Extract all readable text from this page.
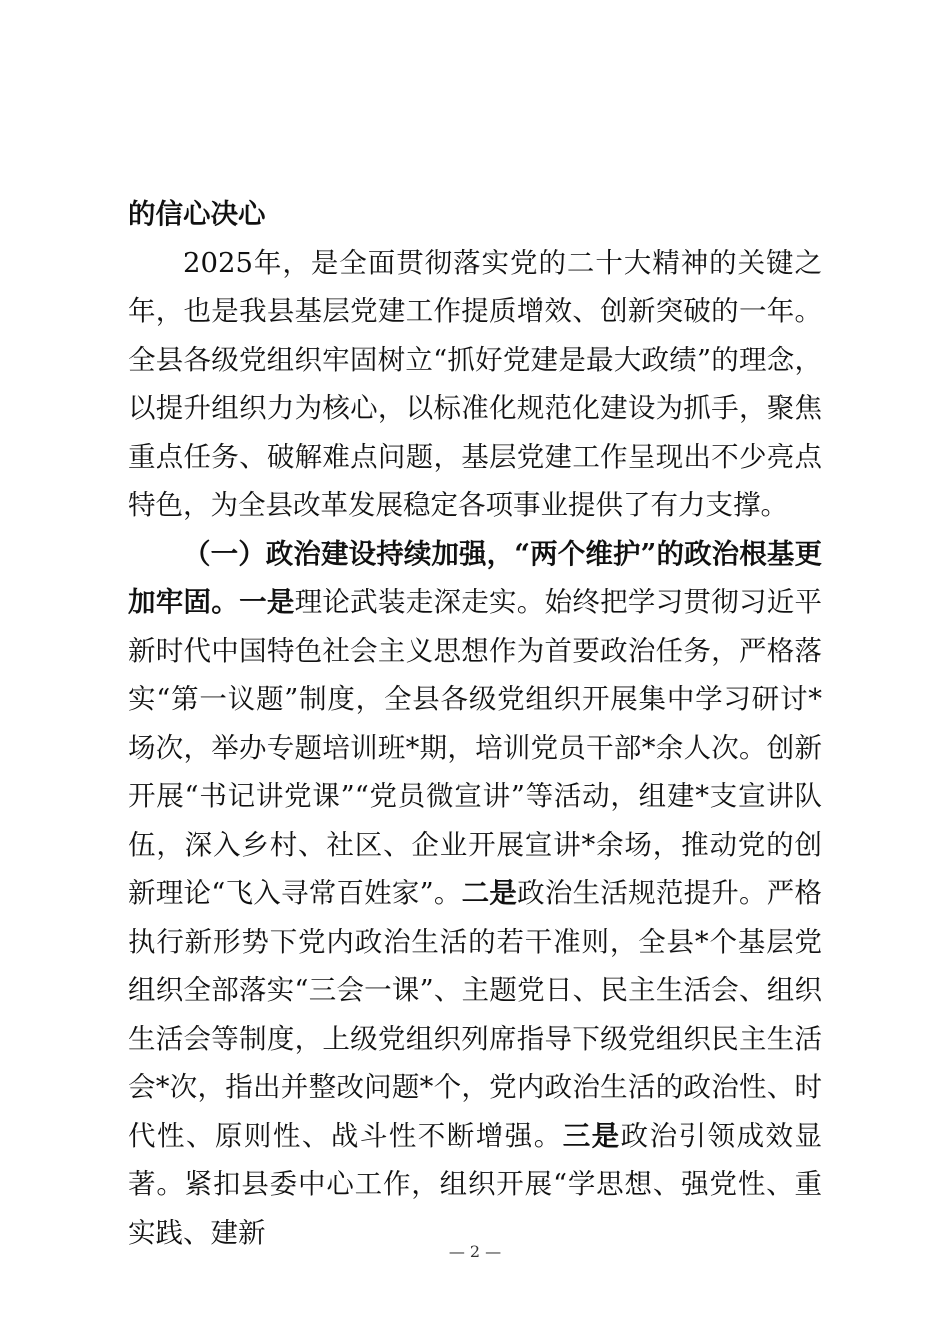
的信心决心

2025年，是全面贯彻落实党的二十大精神的关键之年，也是我县基层党建工作提质增效、创新突破的一年。全县各级党组织牢固树立“抓好党建是最大政绩”的理念，以提升组织力为核心，以标准化规范化建设为抓手，聚焦重点任务、破解难点问题，基层党建工作呈现出不少亮点特色，为全县改革发展稳定各项事业提供了有力支撑。

（一）政治建设持续加强，“两个维护”的政治根基更加牢固。一是理论武装走深走实。始终把学习贯彻习近平新时代中国特色社会主义思想作为首要政治任务，严格落实“第一议题”制度，全县各级党组织开展集中学习研讨*场次，举办专题培训班*期，培训党员干部*余人次。创新开展“书记讲党课”“党员微宣讲”等活动，组建*支宣讲队伍，深入乡村、社区、企业开展宣讲*余场，推动党的创新理论“飞入寻常百姓家”。二是政治生活规范提升。严格执行新形势下党内政治生活的若干准则，全县*个基层党组织全部落实“三会一课”、主题党日、民主生活会、组织生活会等制度，上级党组织列席指导下级党组织民主生活会*次，指出并整改问题*个，党内政治生活的政治性、时代性、原则性、战斗性不断增强。三是政治引领成效显著。紧扣县委中心工作，组织开展“学思想、强党性、重实践、建新

— 2 —
